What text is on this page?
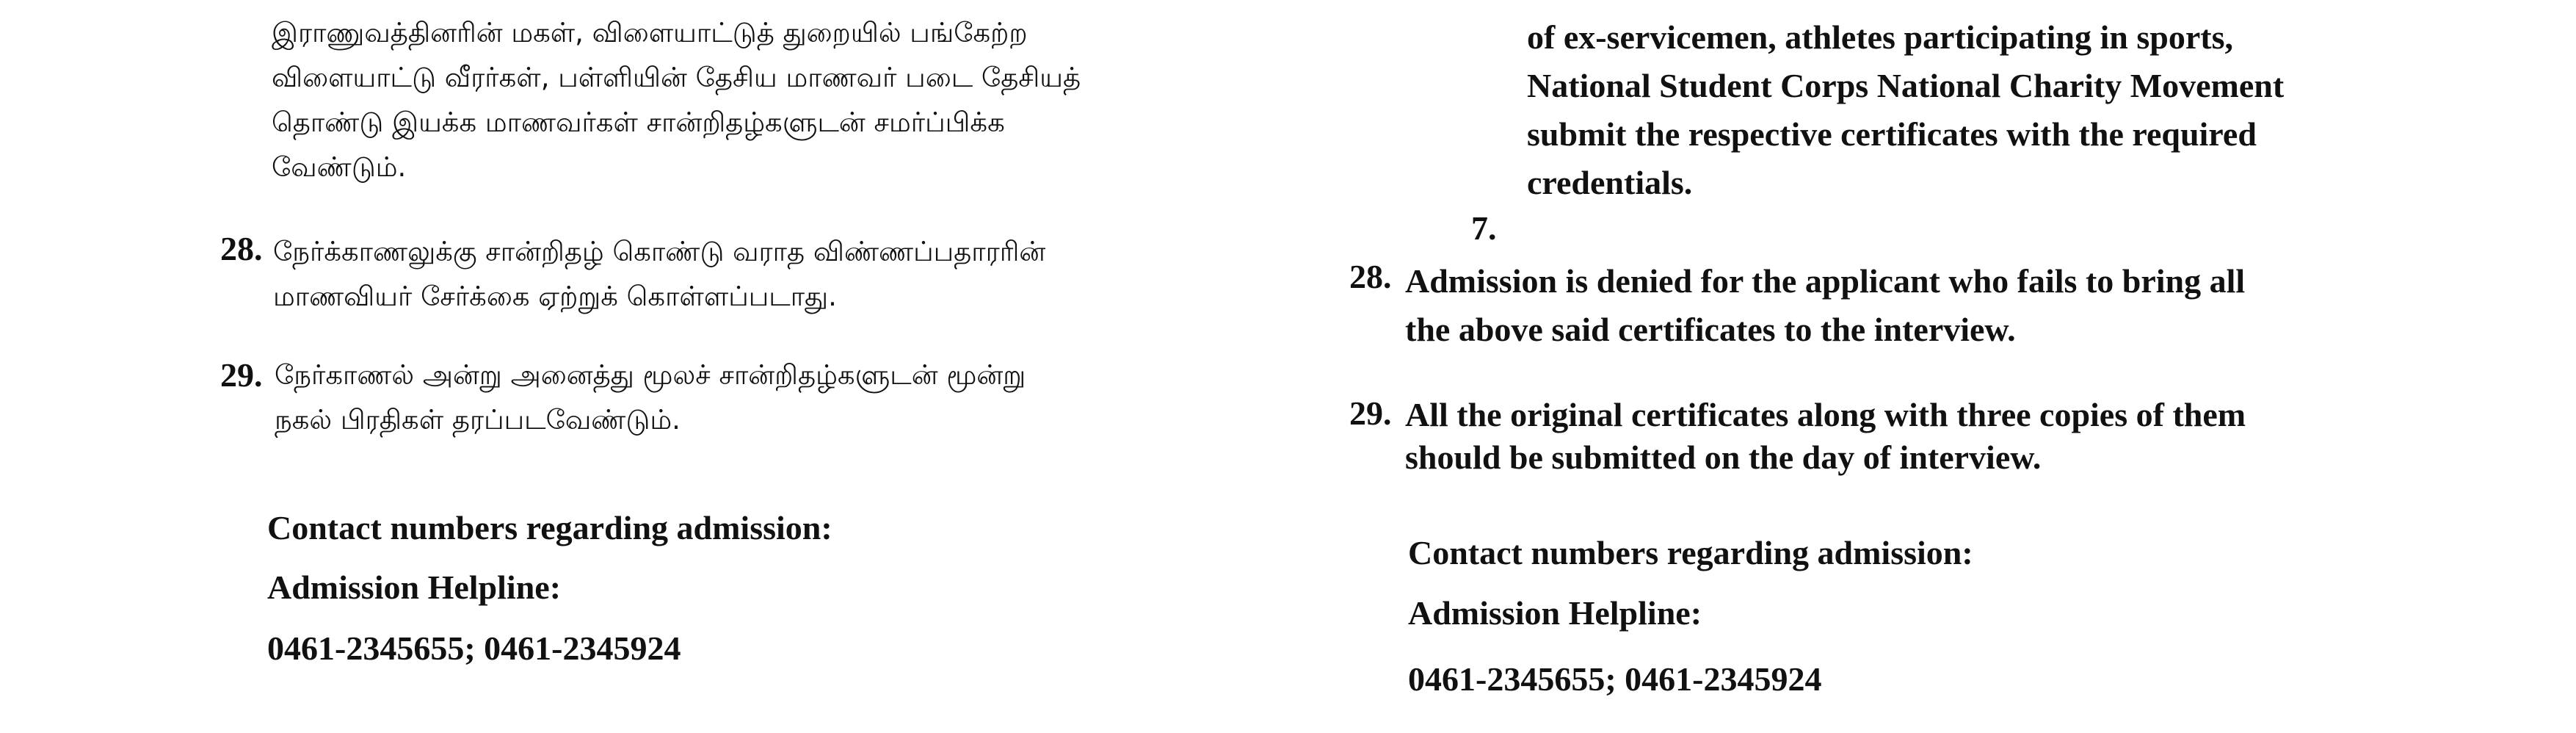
இராணுவத்தினரின் மகள், விளையாட்டுத் துறையில் பங்கேற்ற
விளையாட்டு வீரர்கள், பள்ளியின் தேசிய மாணவர் படை தேசியத்
தொண்டு இயக்க மாணவர்கள் சான்றிதழ்களுடன் சமர்ப்பிக்க
வேண்டும்.
28. நேர்க்காணலுக்கு சான்றிதழ் கொண்டு வராத விண்ணப்பதாரரின்
மாணவியர் சேர்க்கை ஏற்றுக் கொள்ளப்படாது.
29. நேர்காணல் அன்று அனைத்து மூலச் சான்றிதழ்களுடன் மூன்று
நகல் பிரதிகள் தரப்படவேண்டும்.
Contact numbers regarding admission:
Admission Helpline:
0461-2345655; 0461-2345924
of ex-servicemen, athletes participating in sports,
National Student Corps National Charity Movement
submit the respective certificates with the required
credentials.
7.
28. Admission is denied for the applicant who fails to bring all
the above said certificates to the interview.
29. All the original certificates along with three copies of them
should be submitted on the day of interview.
Contact numbers regarding admission:
Admission Helpline:
0461-2345655; 0461-2345924
